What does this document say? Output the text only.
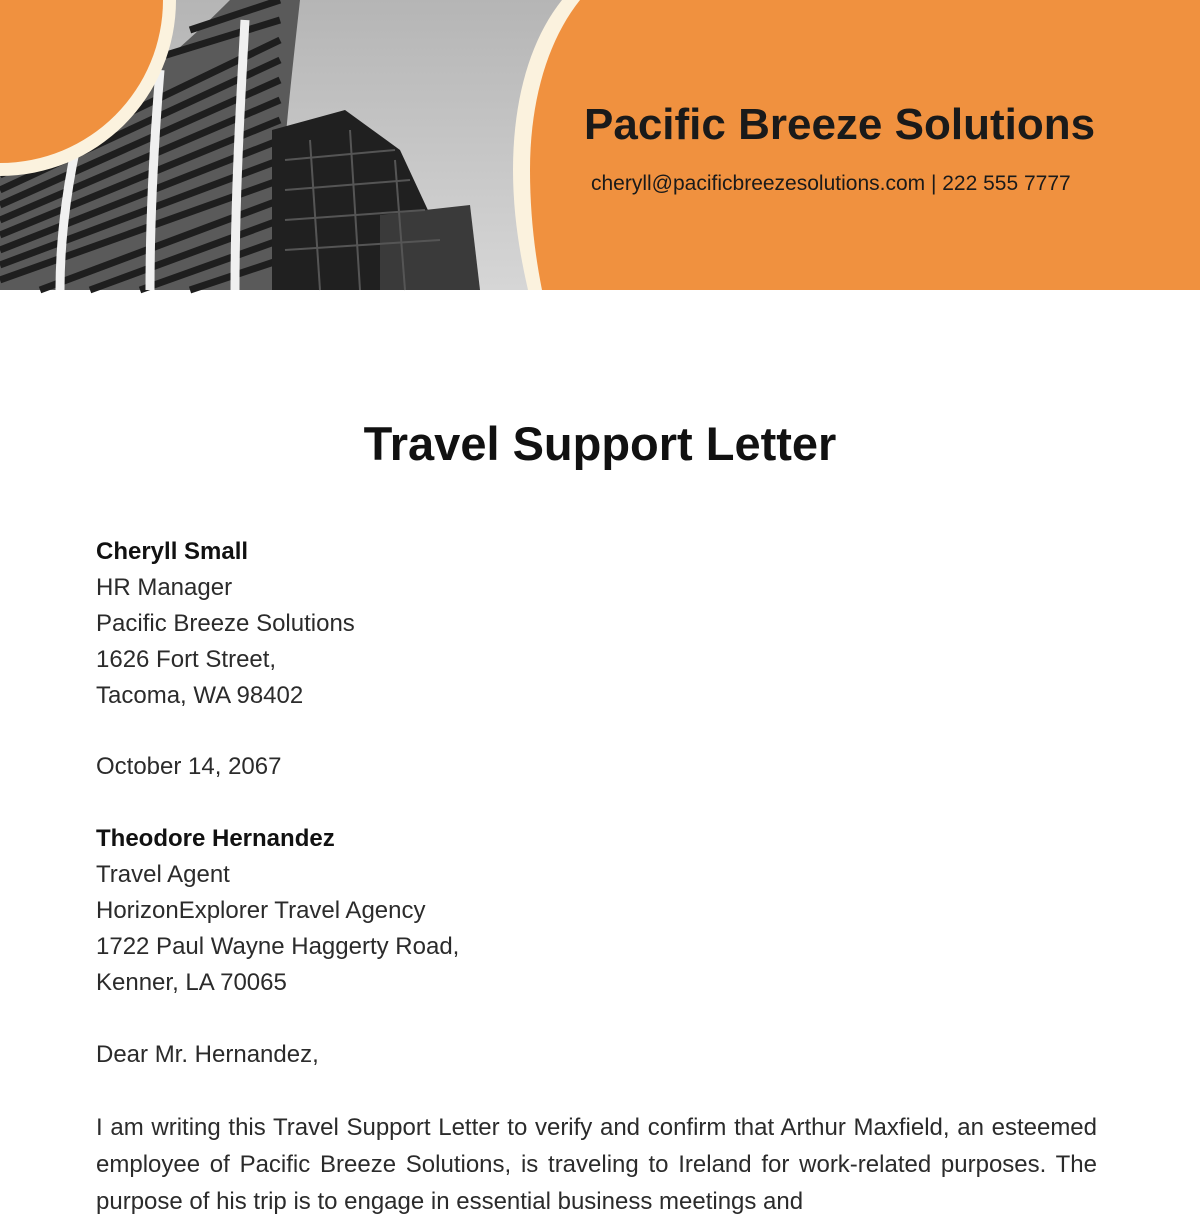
Pacific Breeze Solutions
cheryll@pacificbreezesolutions.com | 222 555 7777
Travel Support Letter
Cheryll Small
HR Manager
Pacific Breeze Solutions
1626 Fort Street,
Tacoma, WA 98402
October 14, 2067
Theodore Hernandez
Travel Agent
HorizonExplorer Travel Agency
1722 Paul Wayne Haggerty Road,
Kenner, LA 70065
Dear Mr. Hernandez,
I am writing this Travel Support Letter to verify and confirm that Arthur Maxfield, an esteemed employee of Pacific Breeze Solutions, is traveling to Ireland for work-related purposes. The purpose of his trip is to engage in essential business meetings and
